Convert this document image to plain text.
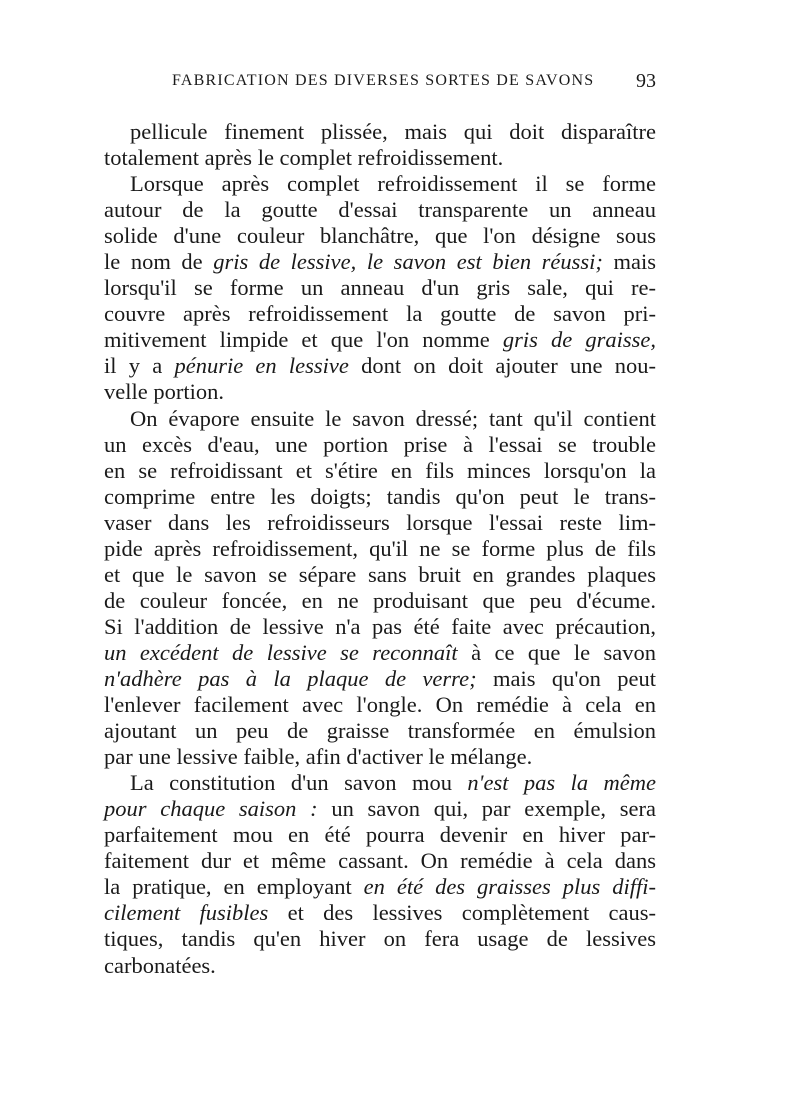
FABRICATION DES DIVERSES SORTES DE SAVONS 93
pellicule finement plissée, mais qui doit disparaître
totalement après le complet refroidissement.
Lorsque après complet refroidissement il se forme
autour de la goutte d'essai transparente un anneau
solide d'une couleur blanchâtre, que l'on désigne sous
le nom de gris de lessive, le savon est bien réussi; mais
lorsqu'il se forme un anneau d'un gris sale, qui re-
couvre après refroidissement la goutte de savon pri-
mitivement limpide et que l'on nomme gris de graisse,
il y a pénurie en lessive dont on doit ajouter une nou-
velle portion.
On évapore ensuite le savon dressé; tant qu'il contient
un excès d'eau, une portion prise à l'essai se trouble
en se refroidissant et s'étire en fils minces lorsqu'on la
comprime entre les doigts; tandis qu'on peut le trans-
vaser dans les refroidisseurs lorsque l'essai reste lim-
pide après refroidissement, qu'il ne se forme plus de fils
et que le savon se sépare sans bruit en grandes plaques
de couleur foncée, en ne produisant que peu d'écume.
Si l'addition de lessive n'a pas été faite avec précaution,
un excédent de lessive se reconnaît à ce que le savon
n'adhère pas à la plaque de verre; mais qu'on peut
l'enlever facilement avec l'ongle. On remédie à cela en
ajoutant un peu de graisse transformée en émulsion
par une lessive faible, afin d'activer le mélange.
La constitution d'un savon mou n'est pas la même
pour chaque saison : un savon qui, par exemple, sera
parfaitement mou en été pourra devenir en hiver par-
faitement dur et même cassant. On remédie à cela dans
la pratique, en employant en été des graisses plus diffi-
cilement fusibles et des lessives complètement caus-
tiques, tandis qu'en hiver on fera usage de lessives
carbonatées.
